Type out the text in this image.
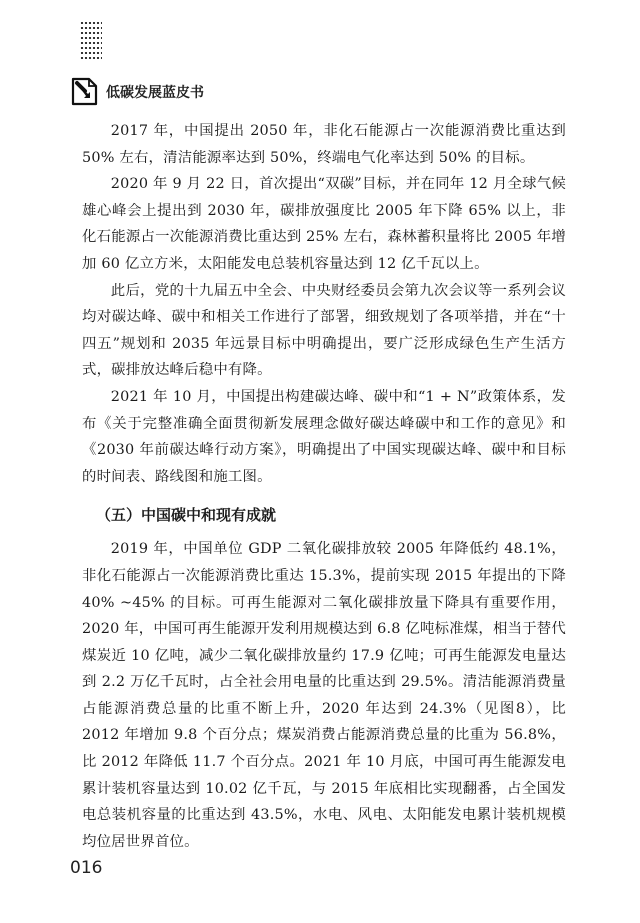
低碳发展蓝皮书

2017 年，中国提出 2050 年，非化石能源占一次能源消费比重达到 50% 左右，清洁能源率达到 50%，终端电气化率达到 50% 的目标。

2020 年 9 月 22 日，首次提出“双碳”目标，并在同年 12 月全球气候雄心峰会上提出到 2030 年，碳排放强度比 2005 年下降 65% 以上，非化石能源占一次能源消费比重达到 25% 左右，森林蓄积量将比 2005 年增加 60 亿立方米，太阳能发电总装机容量达到 12 亿千瓦以上。

此后，党的十九届五中全会、中央财经委员会第九次会议等一系列会议均对碳达峰、碳中和相关工作进行了部署，细致规划了各项举措，并在“十四五”规划和 2035 年远景目标中明确提出，要广泛形成绿色生产生活方式，碳排放达峰后稳中有降。

2021 年 10 月，中国提出构建碳达峰、碳中和“1 + N”政策体系，发布《关于完整准确全面贯彻新发展理念做好碳达峰碳中和工作的意见》和《2030 年前碳达峰行动方案》，明确提出了中国实现碳达峰、碳中和目标的时间表、路线图和施工图。

（五）中国碳中和现有成就

2019 年，中国单位 GDP 二氧化碳排放较 2005 年降低约 48.1%，非化石能源占一次能源消费比重达 15.3%，提前实现 2015 年提出的下降 40% ~45% 的目标。可再生能源对二氧化碳排放量下降具有重要作用，2020 年，中国可再生能源开发利用规模达到 6.8 亿吨标准煤，相当于替代煤炭近 10 亿吨，减少二氧化碳排放量约 17.9 亿吨；可再生能源发电量达到 2.2 万亿千瓦时，占全社会用电量的比重达到 29.5%。清洁能源消费量占能源消费总量的比重不断上升，2020 年达到 24.3%（见图8），比 2012 年增加 9.8 个百分点；煤炭消费占能源消费总量的比重为 56.8%，比 2012 年降低 11.7 个百分点。2021 年 10 月底，中国可再生能源发电累计装机容量达到 10.02 亿千瓦，与 2015 年底相比实现翻番，占全国发电总装机容量的比重达到 43.5%，水电、风电、太阳能发电累计装机规模均位居世界首位。

016
